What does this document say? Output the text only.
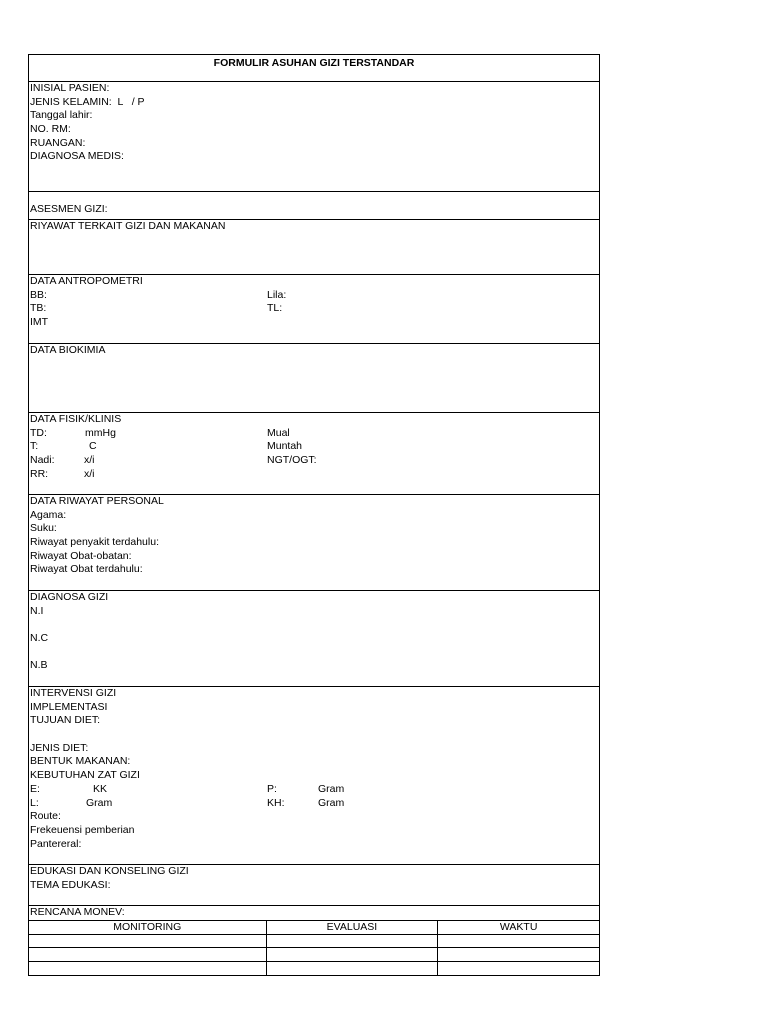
FORMULIR ASUHAN GIZI TERSTANDAR
INISIAL PASIEN:
JENIS KELAMIN:  L   / P
Tanggal lahir:
NO. RM:
RUANGAN:
DIAGNOSA MEDIS:
ASESMEN GIZI:
RIYAWAT TERKAIT GIZI DAN MAKANAN
DATA ANTROPOMETRI
BB:	Lila:
TB:	TL:
IMT
DATA BIOKIMIA
DATA FISIK/KLINIS
TD:	mmHg	Mual
T:	C	Muntah
Nadi:	x/i	NGT/OGT:
RR:	x/i
DATA RIWAYAT PERSONAL
Agama:
Suku:
Riwayat penyakit terdahulu:
Riwayat Obat-obatan:
Riwayat Obat terdahulu:
DIAGNOSA GIZI
N.I
N.C
N.B
INTERVENSI GIZI
IMPLEMENTASI
TUJUAN DIET:
JENIS DIET:
BENTUK MAKANAN:
KEBUTUHAN ZAT GIZI
E:	KK	P:	Gram
L:	Gram	KH:	Gram
Route:
Frekeuensi pemberian
Pantereral:
EDUKASI DAN KONSELING GIZI
TEMA EDUKASI:
RENCANA MONEV:
MONITORING	EVALUASI	WAKTU
